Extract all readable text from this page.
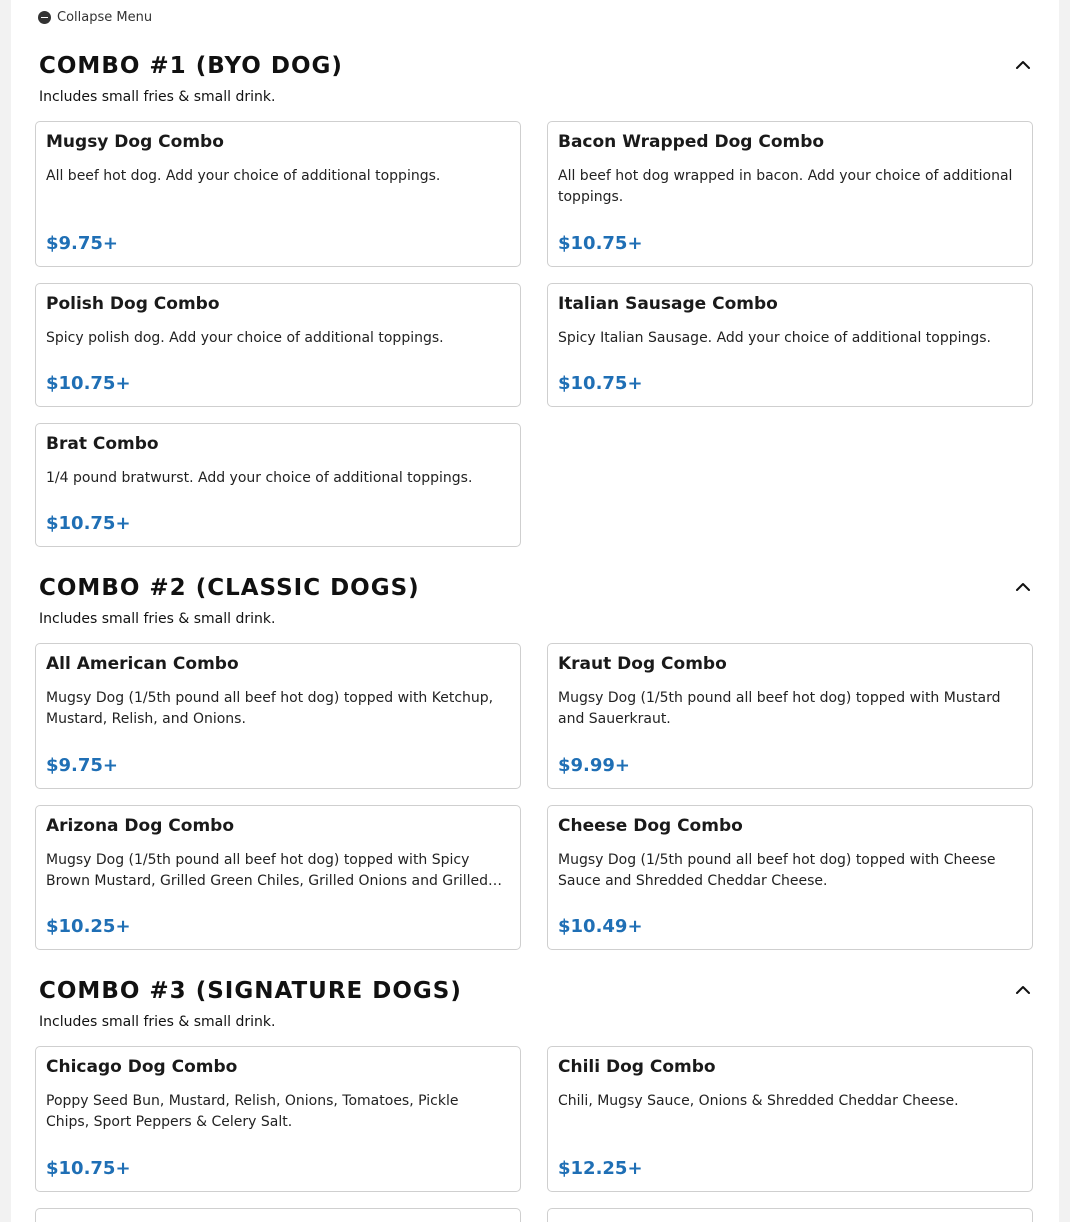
Collapse Menu
COMBO #1 (BYO DOG)
Includes small fries & small drink.
Mugsy Dog Combo
All beef hot dog. Add your choice of additional toppings.
$9.75+
Bacon Wrapped Dog Combo
All beef hot dog wrapped in bacon. Add your choice of additional toppings.
$10.75+
Polish Dog Combo
Spicy polish dog. Add your choice of additional toppings.
$10.75+
Italian Sausage Combo
Spicy Italian Sausage. Add your choice of additional toppings.
$10.75+
Brat Combo
1/4 pound bratwurst. Add your choice of additional toppings.
$10.75+
COMBO #2 (CLASSIC DOGS)
Includes small fries & small drink.
All American Combo
Mugsy Dog (1/5th pound all beef hot dog) topped with Ketchup, Mustard, Relish, and Onions.
$9.75+
Kraut Dog Combo
Mugsy Dog (1/5th pound all beef hot dog) topped with Mustard and Sauerkraut.
$9.99+
Arizona Dog Combo
Mugsy Dog (1/5th pound all beef hot dog) topped with Spicy Brown Mustard, Grilled Green Chiles, Grilled Onions and Grilled…
$10.25+
Cheese Dog Combo
Mugsy Dog (1/5th pound all beef hot dog) topped with Cheese Sauce and Shredded Cheddar Cheese.
$10.49+
COMBO #3 (SIGNATURE DOGS)
Includes small fries & small drink.
Chicago Dog Combo
Poppy Seed Bun, Mustard, Relish, Onions, Tomatoes, Pickle Chips, Sport Peppers & Celery Salt.
$10.75+
Chili Dog Combo
Chili, Mugsy Sauce, Onions & Shredded Cheddar Cheese.
$12.25+
